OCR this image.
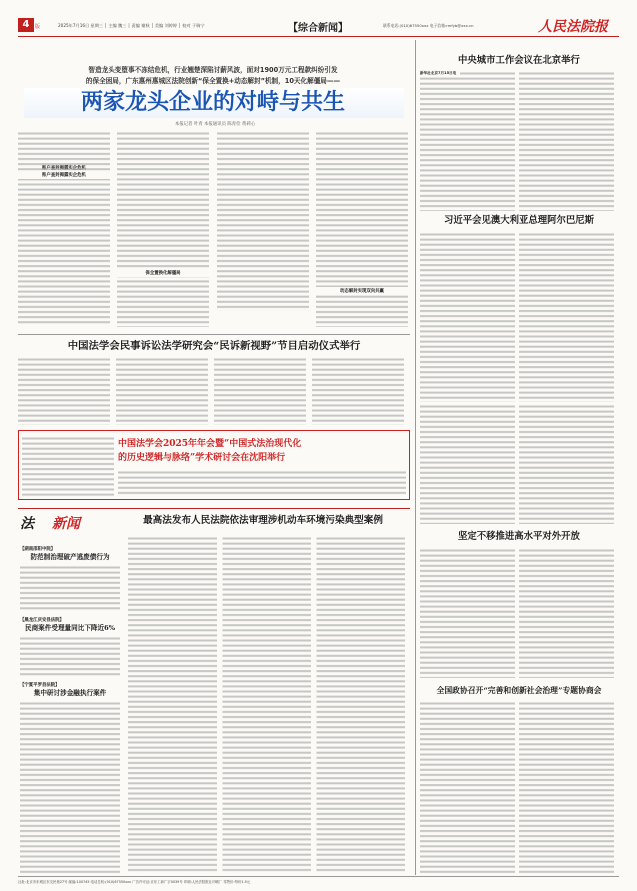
4	版	2025年7月16日 星期三 │ 主编 魏三 │ 责编 谢秋 │ 美编 刘婷婷 │ 校对 于瑞宁	【综合新闻】	联系电话:(010)67550xxx 电子信箱:rmfyb@xxx.cn	人民法院报
智造龙头变堕事不冻结危机，行业翘楚深陷讨薪风波，面对1900万元工程款纠纷引发
的保全困局，广东惠州惠城区法院创新“保全置换+动态解封”机制，10天化解僵局——
两家龙头企业的对峙与共生
本报记者 叶青 本报通讯员 陈育俭 黄莉心
账户查封揭露实企危机
保全置换化解僵局
动态解封实现双向共赢
中国法学会民事诉讼法学研究会“民诉新视野”节目启动仪式举行
中国法学会2025年年会暨“中国式法治现代化
的历史逻辑与脉络”学术研讨会在沈阳举行
新闻
法	最高法发布人民法院依法审理涉机动车环境污染典型案例
【湖南邵阳中院】
防范制治理破产逃废债行为
【黑龙江庆安县法院】
民商案件受理量同比下降近6%
【宁夏平罗县法院】
集中研讨涉金融执行案件
中央城市工作会议在北京举行
新华社北京7月15日电
习近平会见澳大利亚总理阿尔巴尼斯
坚定不移推进高水平对外开放
全国政协召开“完善和创新社会治理”专题协商会
社址:北京市东城区东交民巷27号 邮编:100745 电话总机:(010)67550xxx 广告许可证:京东工商广字0039号 印刷:人民法院报社印刷厂 零售价:每份1.5元
